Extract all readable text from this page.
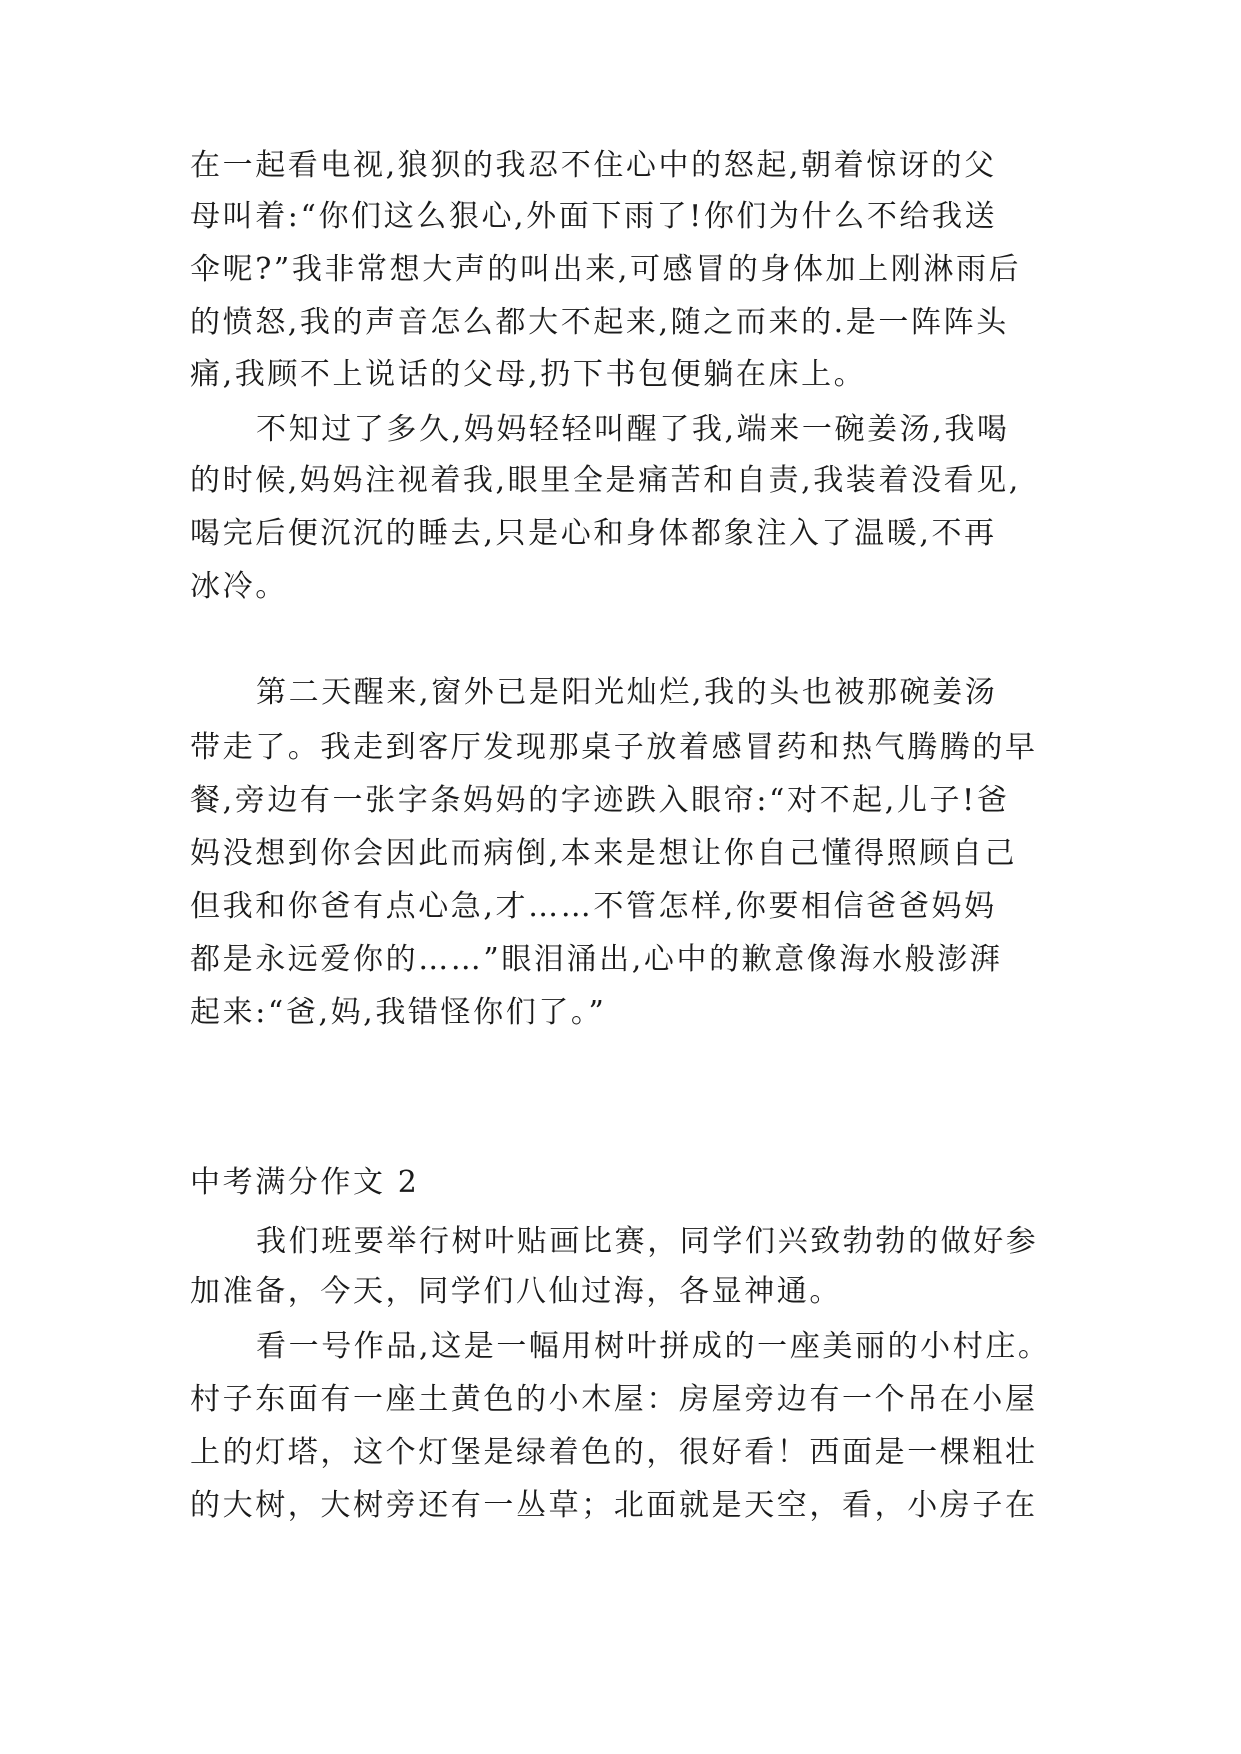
在一起看电视,狼狈的我忍不住心中的怒起,朝着惊讶的父
母叫着:“你们这么狠心,外面下雨了!你们为什么不给我送
伞呢?”我非常想大声的叫出来,可感冒的身体加上刚淋雨后
的愤怒,我的声音怎么都大不起来,随之而来的.是一阵阵头
痛,我顾不上说话的父母,扔下书包便躺在床上。
不知过了多久,妈妈轻轻叫醒了我,端来一碗姜汤,我喝
的时候,妈妈注视着我,眼里全是痛苦和自责,我装着没看见,
喝完后便沉沉的睡去,只是心和身体都象注入了温暖,不再
冰冷。
第二天醒来,窗外已是阳光灿烂,我的头也被那碗姜汤
带走了。我走到客厅发现那桌子放着感冒药和热气腾腾的早
餐,旁边有一张字条妈妈的字迹跌入眼帘:“对不起,儿子!爸
妈没想到你会因此而病倒,本来是想让你自己懂得照顾自己
但我和你爸有点心急,才……不管怎样,你要相信爸爸妈妈
都是永远爱你的……”眼泪涌出,心中的歉意像海水般澎湃
起来:“爸,妈,我错怪你们了。”
中考满分作文 2
我们班要举行树叶贴画比赛，同学们兴致勃勃的做好参
加准备，今天，同学们八仙过海，各显神通。
看一号作品,这是一幅用树叶拼成的一座美丽的小村庄。
村子东面有一座土黄色的小木屋：房屋旁边有一个吊在小屋
上的灯塔，这个灯堡是绿着色的，很好看！西面是一棵粗壮
的大树，大树旁还有一丛草；北面就是天空，看，小房子在
